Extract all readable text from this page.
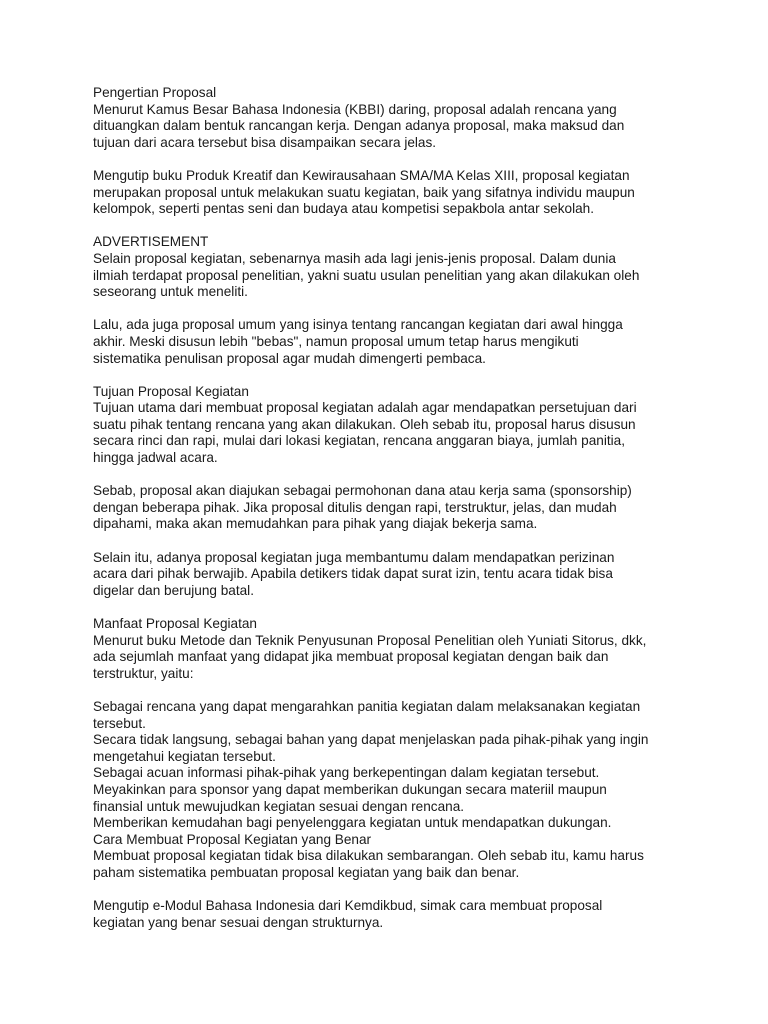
Pengertian Proposal
Menurut Kamus Besar Bahasa Indonesia (KBBI) daring, proposal adalah rencana yang
dituangkan dalam bentuk rancangan kerja. Dengan adanya proposal, maka maksud dan
tujuan dari acara tersebut bisa disampaikan secara jelas.
Mengutip buku Produk Kreatif dan Kewirausahaan SMA/MA Kelas XIII, proposal kegiatan
merupakan proposal untuk melakukan suatu kegiatan, baik yang sifatnya individu maupun
kelompok, seperti pentas seni dan budaya atau kompetisi sepakbola antar sekolah.
ADVERTISEMENT
Selain proposal kegiatan, sebenarnya masih ada lagi jenis-jenis proposal. Dalam dunia
ilmiah terdapat proposal penelitian, yakni suatu usulan penelitian yang akan dilakukan oleh
seseorang untuk meneliti.
Lalu, ada juga proposal umum yang isinya tentang rancangan kegiatan dari awal hingga
akhir. Meski disusun lebih "bebas", namun proposal umum tetap harus mengikuti
sistematika penulisan proposal agar mudah dimengerti pembaca.
Tujuan Proposal Kegiatan
Tujuan utama dari membuat proposal kegiatan adalah agar mendapatkan persetujuan dari
suatu pihak tentang rencana yang akan dilakukan. Oleh sebab itu, proposal harus disusun
secara rinci dan rapi, mulai dari lokasi kegiatan, rencana anggaran biaya, jumlah panitia,
hingga jadwal acara.
Sebab, proposal akan diajukan sebagai permohonan dana atau kerja sama (sponsorship)
dengan beberapa pihak. Jika proposal ditulis dengan rapi, terstruktur, jelas, dan mudah
dipahami, maka akan memudahkan para pihak yang diajak bekerja sama.
Selain itu, adanya proposal kegiatan juga membantumu dalam mendapatkan perizinan
acara dari pihak berwajib. Apabila detikers tidak dapat surat izin, tentu acara tidak bisa
digelar dan berujung batal.
Manfaat Proposal Kegiatan
Menurut buku Metode dan Teknik Penyusunan Proposal Penelitian oleh Yuniati Sitorus, dkk,
ada sejumlah manfaat yang didapat jika membuat proposal kegiatan dengan baik dan
terstruktur, yaitu:
Sebagai rencana yang dapat mengarahkan panitia kegiatan dalam melaksanakan kegiatan
tersebut.
Secara tidak langsung, sebagai bahan yang dapat menjelaskan pada pihak-pihak yang ingin
mengetahui kegiatan tersebut.
Sebagai acuan informasi pihak-pihak yang berkepentingan dalam kegiatan tersebut.
Meyakinkan para sponsor yang dapat memberikan dukungan secara materiil maupun
finansial untuk mewujudkan kegiatan sesuai dengan rencana.
Memberikan kemudahan bagi penyelenggara kegiatan untuk mendapatkan dukungan.
Cara Membuat Proposal Kegiatan yang Benar
Membuat proposal kegiatan tidak bisa dilakukan sembarangan. Oleh sebab itu, kamu harus
paham sistematika pembuatan proposal kegiatan yang baik dan benar.
Mengutip e-Modul Bahasa Indonesia dari Kemdikbud, simak cara membuat proposal
kegiatan yang benar sesuai dengan strukturnya.
